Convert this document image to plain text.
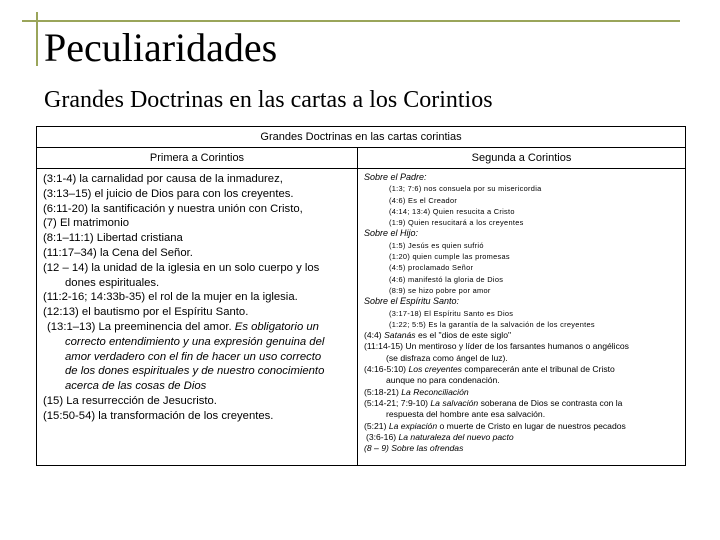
Peculiaridades
Grandes Doctrinas en las cartas a los Corintios
Grandes Doctrinas en las cartas corintias
Primera a Corintios	Segunda a Corintios
(3:1-4) la carnalidad por causa de la inmadurez,
(3:13–15) el juicio de Dios para con los creyentes.
(6:11-20) la santificación y nuestra unión con Cristo,
(7) El matrimonio
(8:1–11:1) Libertad cristiana
(11:17–34) la Cena del Señor.
(12 – 14) la unidad de la iglesia en un solo cuerpo y los
dones espirituales.
(11:2-16; 14:33b-35) el rol de la mujer en la iglesia.
(12:13) el bautismo por el Espíritu Santo.
(13:1–13) La preeminencia del amor. Es obligatorio un
correcto entendimiento y una expresión genuina del
amor verdadero con el fin de hacer un uso correcto
de los dones espirituales y de nuestro conocimiento
acerca de las cosas de Dios
(15) La resurrección de Jesucristo.
(15:50-54) la transformación de los creyentes.
Sobre el Padre:
(1:3; 7:6) nos consuela por su misericordia
(4:6) Es el Creador
(4:14; 13:4) Quien resucita a Cristo
(1:9) Quien resucitará a los creyentes
Sobre el Hijo:
(1:5) Jesús es quien sufrió
(1:20) quien cumple las promesas
(4:5) proclamado Señor
(4:6) manifestó la gloria de Dios
(8:9) se hizo pobre por amor
Sobre el Espíritu Santo:
(3:17-18) El Espíritu Santo es Dios
(1:22; 5:5) Es la garantía de la salvación de los creyentes
(4:4) Satanás es el "dios de este siglo"
(11:14-15) Un mentiroso y líder de los farsantes humanos o angélicos
(se disfraza como ángel de luz).
(4:16-5:10) Los creyentes comparecerán ante el tribunal de Cristo
aunque no para condenación.
(5:18-21) La Reconciliación
(5:14-21; 7:9-10) La salvación soberana de Dios se contrasta con la
respuesta del hombre ante esa salvación.
(5:21) La expiación o muerte de Cristo en lugar de nuestros pecados
(3:6-16) La naturaleza del nuevo pacto
(8 – 9) Sobre las ofrendas
